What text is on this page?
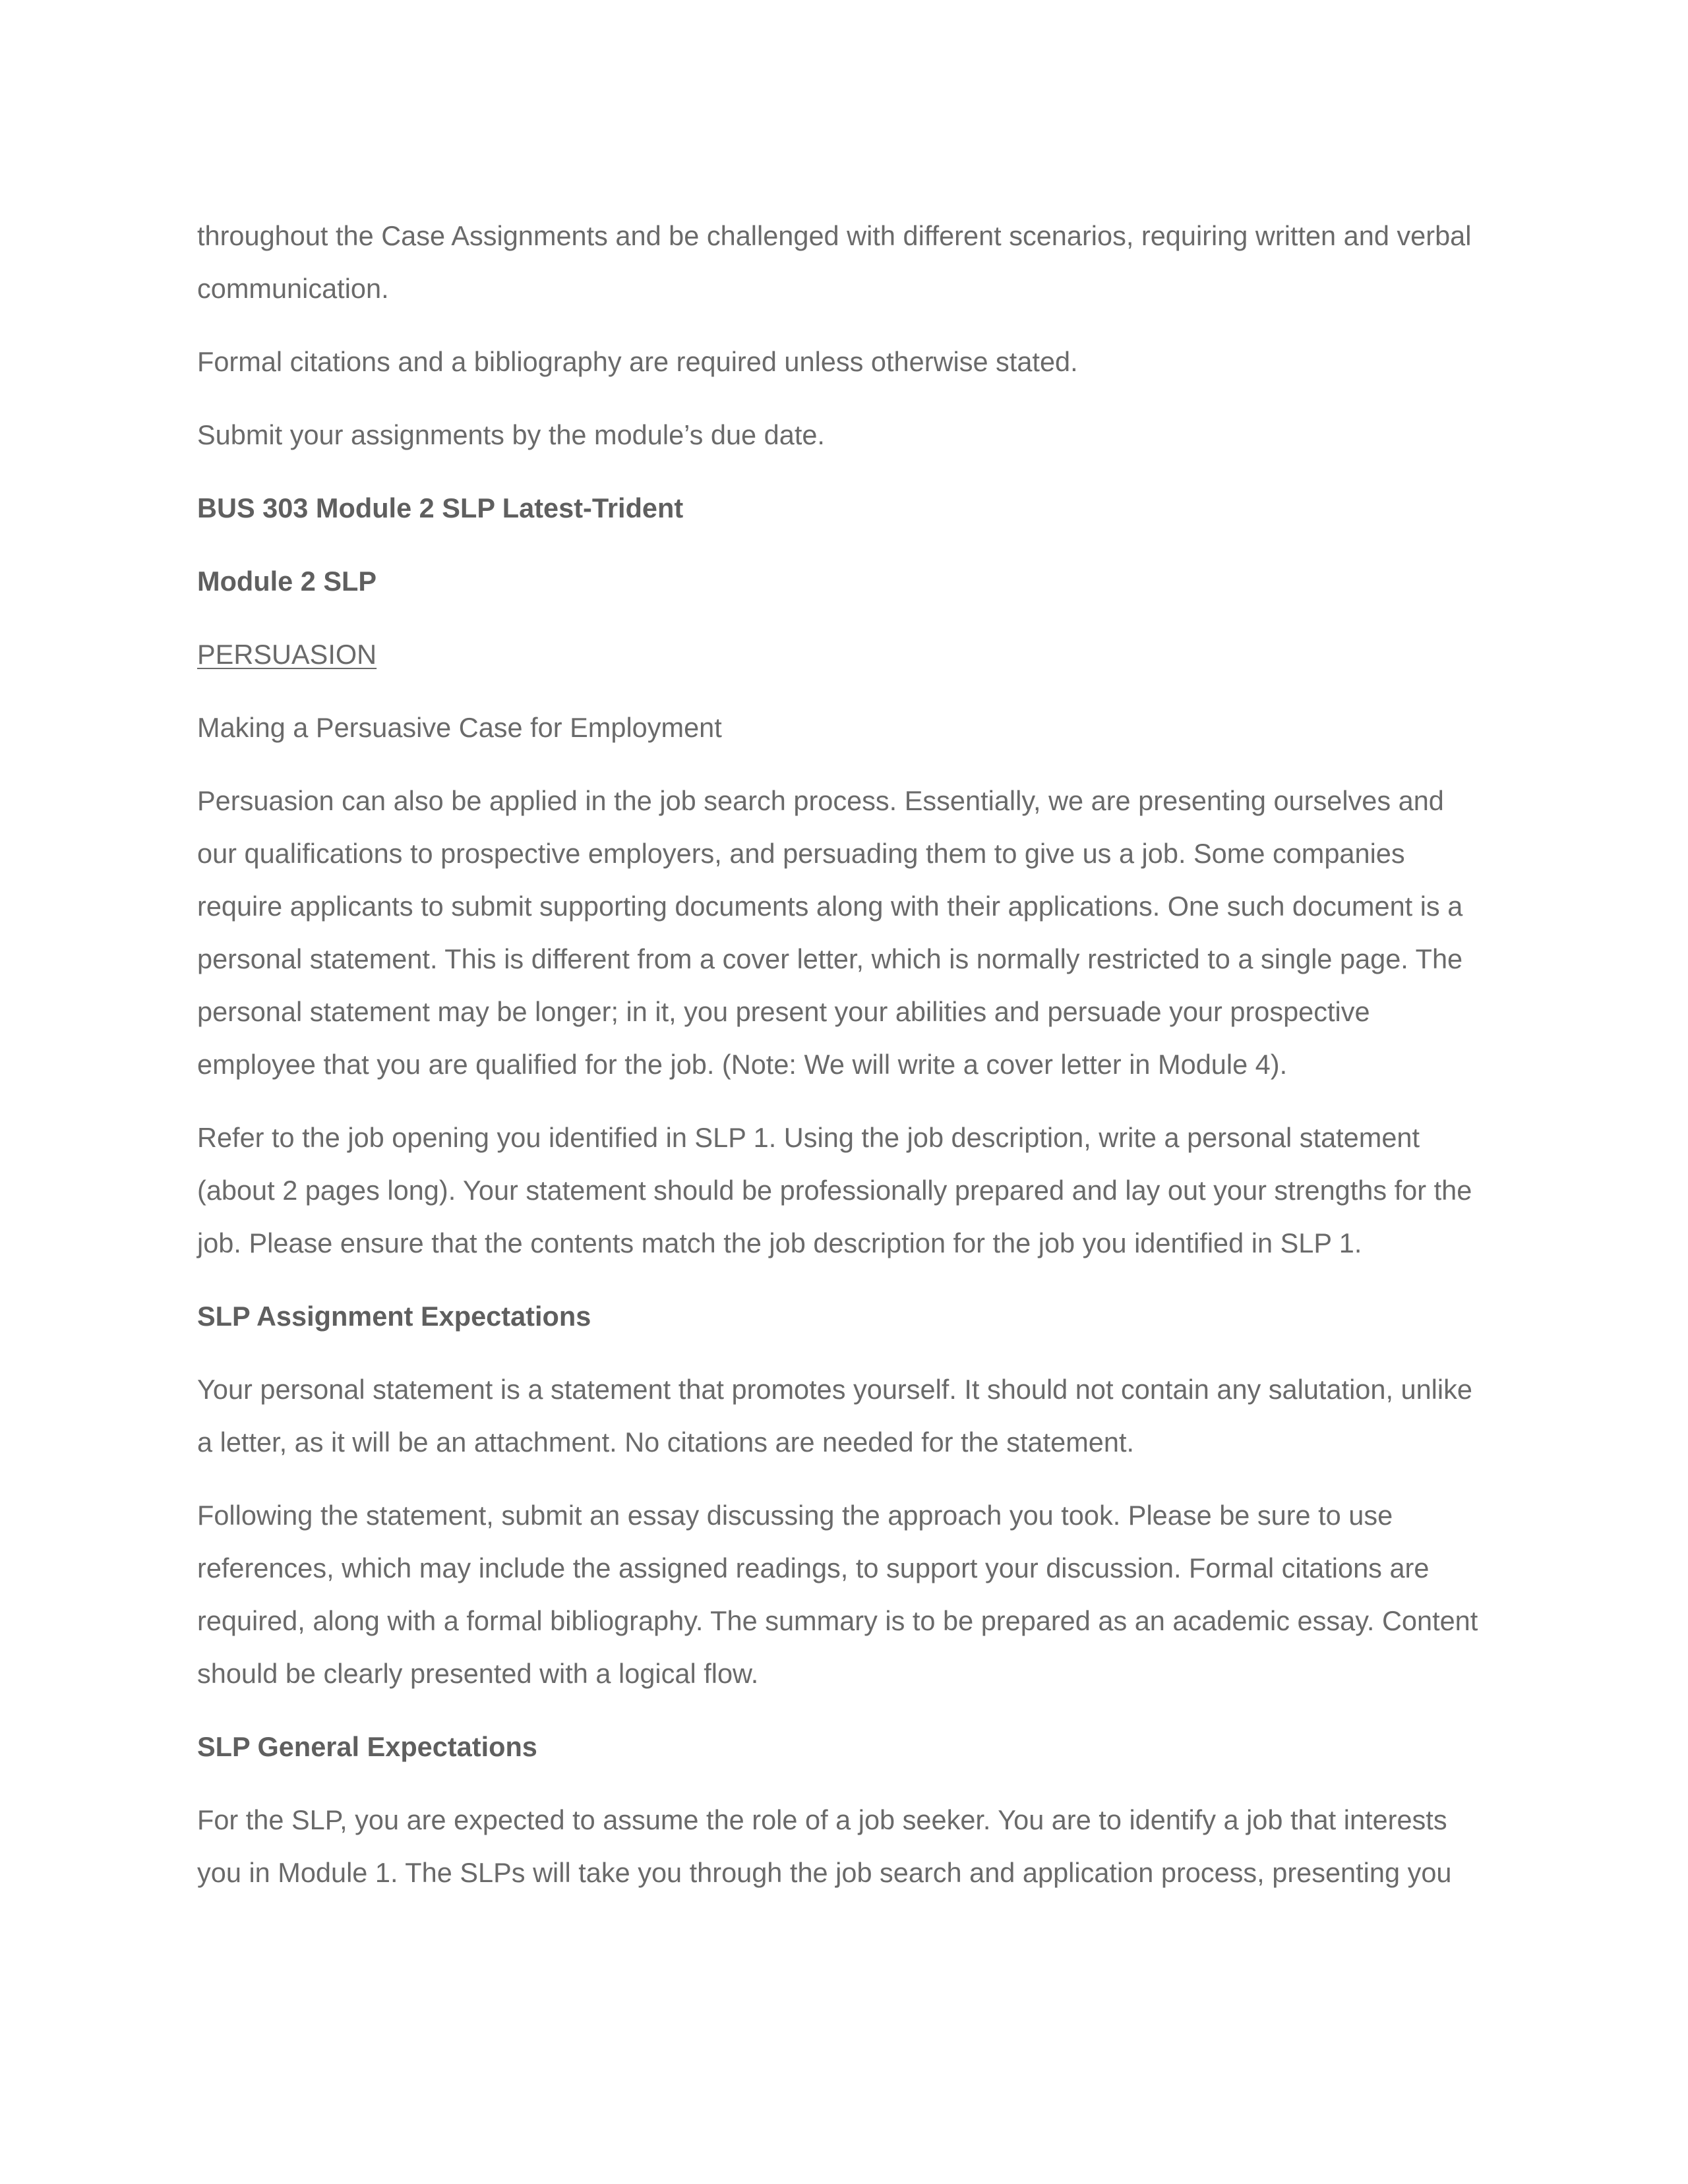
throughout the Case Assignments and be challenged with different scenarios, requiring written and verbal communication.

Formal citations and a bibliography are required unless otherwise stated.

Submit your assignments by the module’s due date.

BUS 303 Module 2 SLP Latest-Trident

Module 2 SLP

PERSUASION

Making a Persuasive Case for Employment

Persuasion can also be applied in the job search process. Essentially, we are presenting ourselves and our qualifications to prospective employers, and persuading them to give us a job. Some companies require applicants to submit supporting documents along with their applications. One such document is a personal statement. This is different from a cover letter, which is normally restricted to a single page. The personal statement may be longer; in it, you present your abilities and persuade your prospective employee that you are qualified for the job. (Note: We will write a cover letter in Module 4).

Refer to the job opening you identified in SLP 1. Using the job description, write a personal statement (about 2 pages long). Your statement should be professionally prepared and lay out your strengths for the job. Please ensure that the contents match the job description for the job you identified in SLP 1.

SLP Assignment Expectations

Your personal statement is a statement that promotes yourself. It should not contain any salutation, unlike a letter, as it will be an attachment. No citations are needed for the statement.

Following the statement, submit an essay discussing the approach you took. Please be sure to use references, which may include the assigned readings, to support your discussion. Formal citations are required, along with a formal bibliography. The summary is to be prepared as an academic essay. Content should be clearly presented with a logical flow.

SLP General Expectations

For the SLP, you are expected to assume the role of a job seeker. You are to identify a job that interests you in Module 1. The SLPs will take you through the job search and application process, presenting you
